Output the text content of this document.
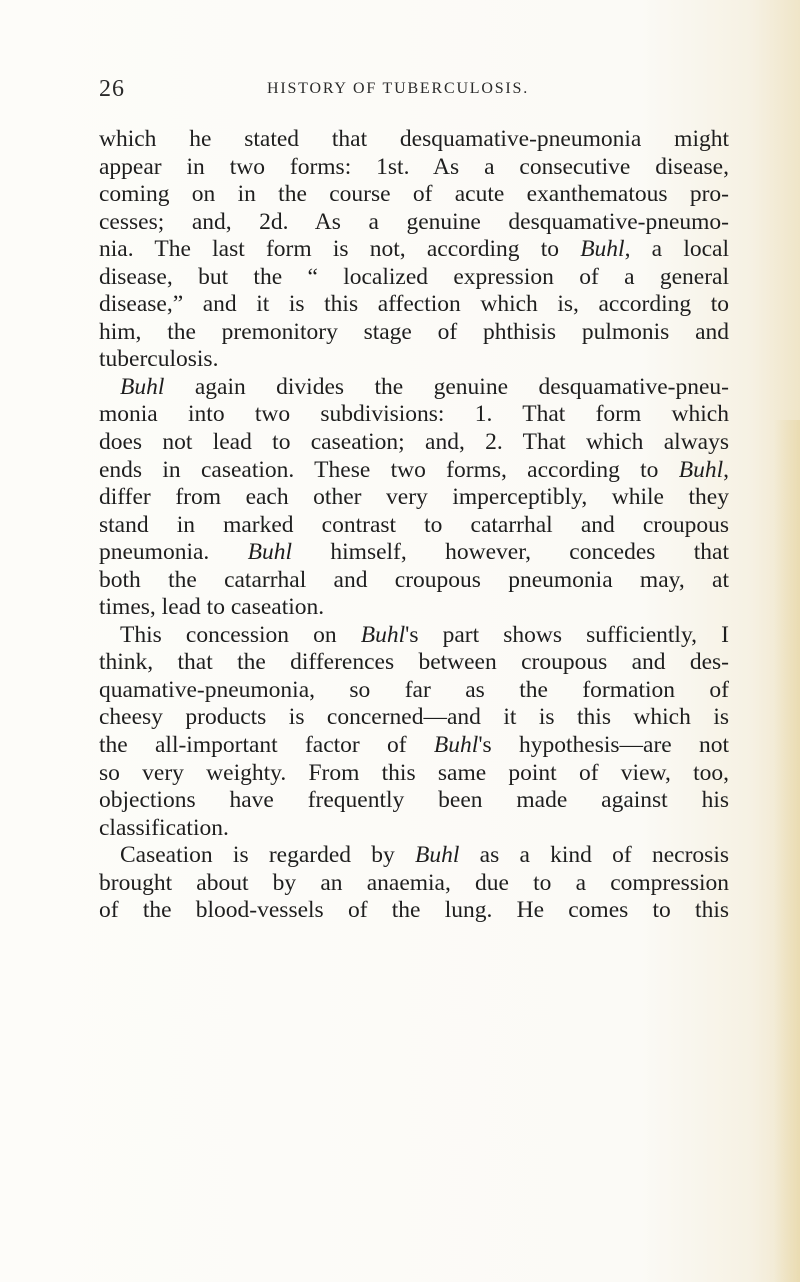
26	HISTORY OF TUBERCULOSIS.
which he stated that desquamative-pneumonia might
appear in two forms: 1st. As a consecutive disease,
coming on in the course of acute exanthematous pro-
cesses; and, 2d. As a genuine desquamative-pneumo-
nia. The last form is not, according to Buhl, a local
disease, but the “ localized expression of a general
disease,” and it is this affection which is, according to
him, the premonitory stage of phthisis pulmonis and
tuberculosis.
Buhl again divides the genuine desquamative-pneu-
monia into two subdivisions: 1. That form which
does not lead to caseation; and, 2. That which always
ends in caseation. These two forms, according to Buhl,
differ from each other very imperceptibly, while they
stand in marked contrast to catarrhal and croupous
pneumonia. Buhl himself, however, concedes that
both the catarrhal and croupous pneumonia may, at
times, lead to caseation.
This concession on Buhl's part shows sufficiently, I
think, that the differences between croupous and des-
quamative-pneumonia, so far as the formation of
cheesy products is concerned—and it is this which is
the all-important factor of Buhl's hypothesis—are not
so very weighty. From this same point of view, too,
objections have frequently been made against his
classification.
Caseation is regarded by Buhl as a kind of necrosis
brought about by an anaemia, due to a compression
of the blood-vessels of the lung. He comes to this
